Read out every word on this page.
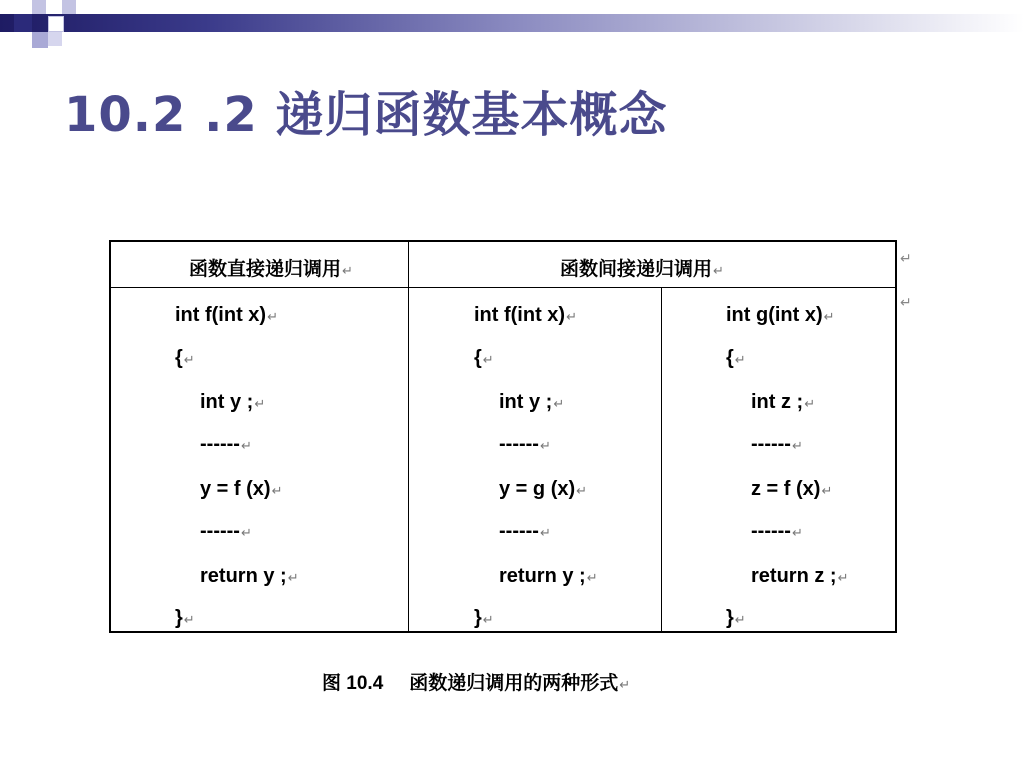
10.2 .2 递归函数基本概念
函数直接递归调用↵	函数间接递归调用↵
int f(int x)↵
{↵
int y ;↵
------↵
y = f (x)↵
------↵
return y ;↵
}↵
int f(int x)↵
{↵
int y ;↵
------↵
y = g (x)↵
------↵
return y ;↵
}↵
int g(int x)↵
{↵
int z ;↵
------↵
z = f (x)↵
------↵
return z ;↵
}↵
↵
↵
图 10.4 函数递归调用的两种形式↵
